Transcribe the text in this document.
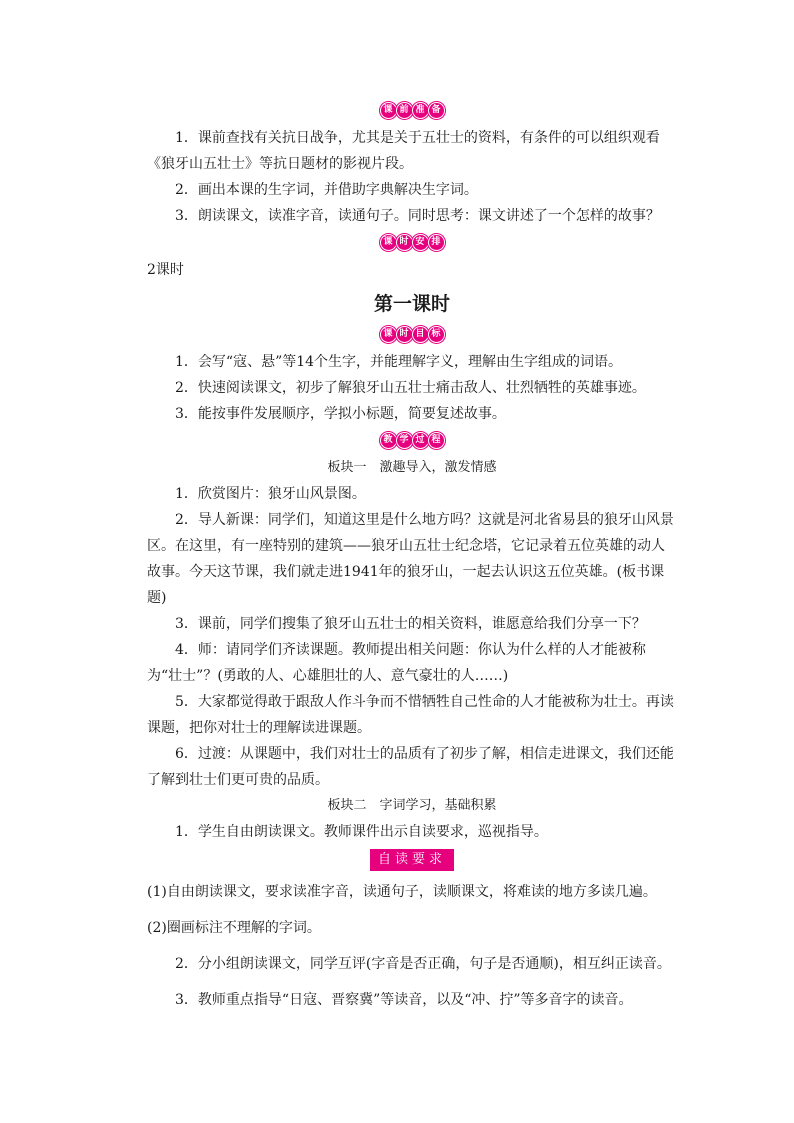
课 前 准 备

1．课前查找有关抗日战争，尤其是关于五壮士的资料，有条件的可以组织观看《狼牙山五壮士》等抗日题材的影视片段。

2．画出本课的生字词，并借助字典解决生字词。

3．朗读课文，读准字音，读通句子。同时思考：课文讲述了一个怎样的故事？

课 时 安 排

2课时

第一课时
课 时 目 标

1．会写“寇、悬”等14个生字，并能理解字义，理解由生字组成的词语。

2．快速阅读课文，初步了解狼牙山五壮士痛击敌人、壮烈牺牲的英雄事迹。

3．能按事件发展顺序，学拟小标题，简要复述故事。

教 学 过 程

板块一　激趣导入，激发情感

1．欣赏图片：狼牙山风景图。

2．导人新课：同学们，知道这里是什么地方吗？这就是河北省易县的狼牙山风景区。在这里，有一座特别的建筑——狼牙山五壮士纪念塔，它记录着五位英雄的动人故事。今天这节课，我们就走进1941年的狼牙山，一起去认识这五位英雄。(板书课题)

3．课前，同学们搜集了狼牙山五壮士的相关资料，谁愿意给我们分享一下？

4．师：请同学们齐读课题。教师提出相关问题：你认为什么样的人才能被称为“壮士”？(勇敢的人、心雄胆壮的人、意气豪壮的人……)

5．大家都觉得敢于跟敌人作斗争而不惜牺牲自己性命的人才能被称为壮士。再读课题，把你对壮士的理解读进课题。

6．过渡：从课题中，我们对壮士的品质有了初步了解，相信走进课文，我们还能了解到壮士们更可贵的品质。

板块二　字词学习，基础积累

1．学生自由朗读课文。教师课件出示自读要求，巡视指导。

自读要求

(1)自由朗读课文，要求读准字音，读通句子，读顺课文，将难读的地方多读几遍。

(2)圈画标注不理解的字词。

2．分小组朗读课文，同学互评(字音是否正确，句子是否通顺)，相互纠正读音。

3．教师重点指导“日寇、晋察冀”等读音，以及“冲、拧”等多音字的读音。
